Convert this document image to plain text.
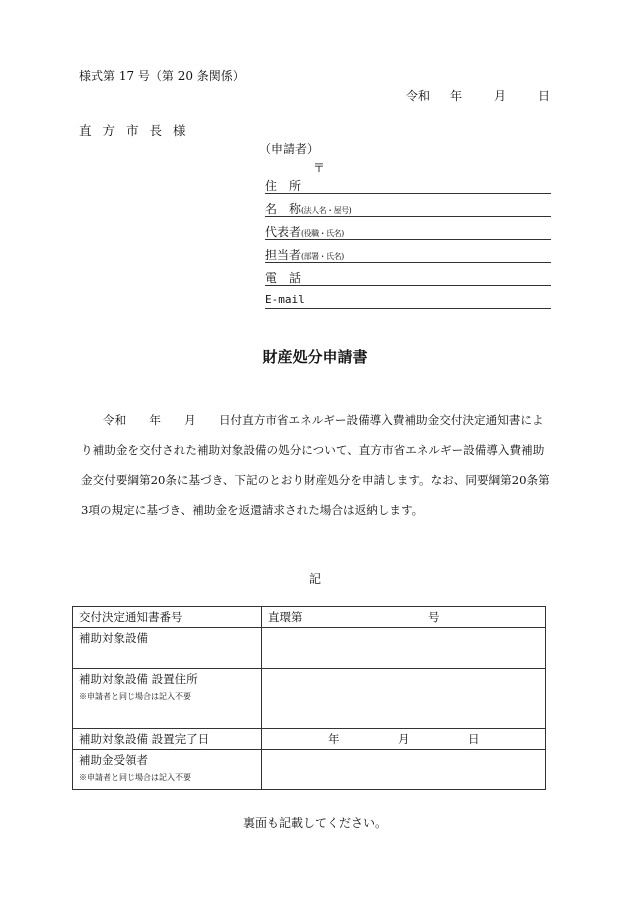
様式第 17 号（第 20 条関係）
令和	年	月	日
直方市長様
（申請者）
〒
住　所
名　称(法人名・屋号)
代表者(役職・氏名)
担当者(部署・氏名)
電　話
E-mail
財産処分申請書

令和　　年　　月　　日付直方市省エネルギー設備導入費補助金交付決定通知書によ

り補助金を交付された補助対象設備の処分について、直方市省エネルギー設備導入費補助

金交付要綱第20条に基づき、下記のとおり財産処分を申請します。なお、同要綱第20条第

3項の規定に基づき、補助金を返還請求された場合は返納します。

記
交付決定通知書番号	直環第 号
補助対象設備	
補助対象設備 設置住所
※申請者と同じ場合は記入不要	

補助対象設備 設置完了日	年 月 日
補助金受領者
※申請者と同じ場合は記入不要	

裏面も記載してください。
